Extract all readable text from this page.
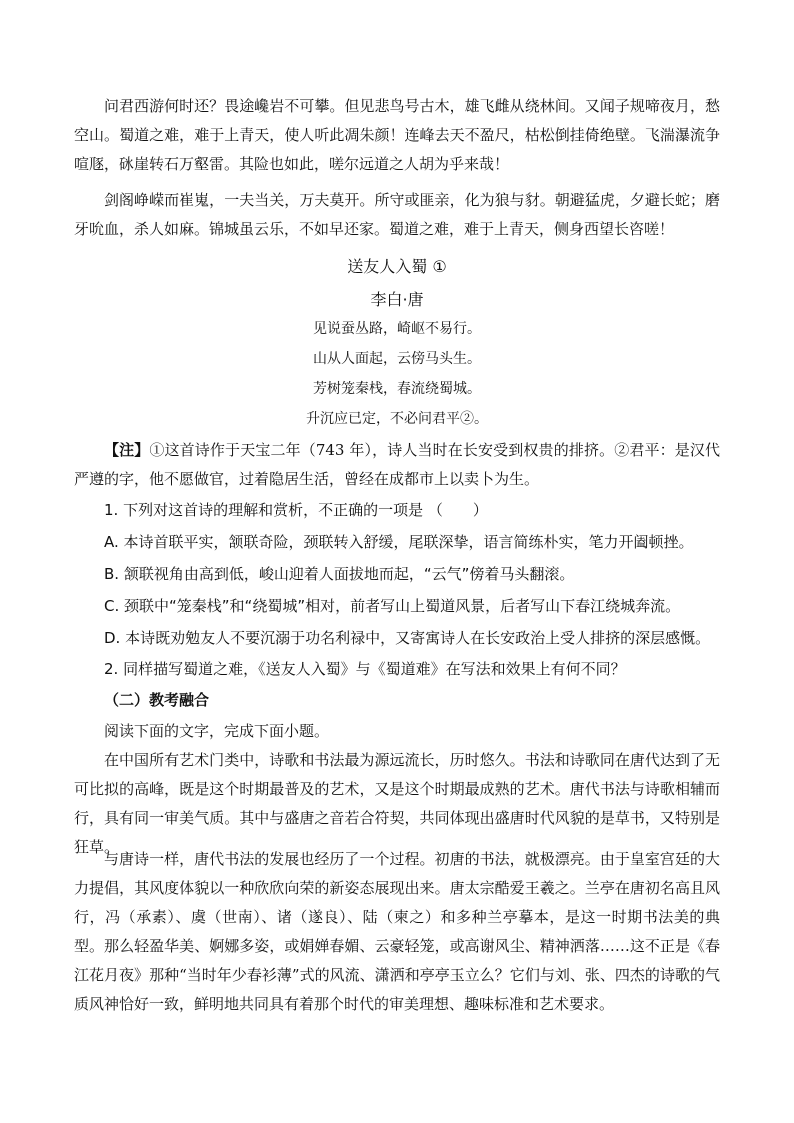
问君西游何时还？畏途巉岩不可攀。但见悲鸟号古木，雄飞雌从绕林间。又闻子规啼夜月，愁空山。蜀道之难，难于上青天，使人听此凋朱颜！连峰去天不盈尺，枯松倒挂倚绝壁。飞湍瀑流争喧豗，砯崖转石万壑雷。其险也如此，嗟尔远道之人胡为乎来哉！

剑阁峥嵘而崔嵬，一夫当关，万夫莫开。所守或匪亲，化为狼与豺。朝避猛虎，夕避长蛇；磨牙吮血，杀人如麻。锦城虽云乐，不如早还家。蜀道之难，难于上青天，侧身西望长咨嗟！

送友人入蜀 ①

李白·唐

见说蚕丛路，崎岖不易行。

山从人面起，云傍马头生。

芳树笼秦栈，春流绕蜀城。

升沉应已定，不必问君平②。

【注】①这首诗作于天宝二年（743 年），诗人当时在长安受到权贵的排挤。②君平：是汉代严遵的字，他不愿做官，过着隐居生活，曾经在成都市上以卖卜为生。

1. 下列对这首诗的理解和赏析，不正确的一项是 （　　）

A. 本诗首联平实，颔联奇险，颈联转入舒缓，尾联深挚，语言简练朴实，笔力开阖顿挫。

B. 颔联视角由高到低，峻山迎着人面拔地而起，“云气”傍着马头翻滚。

C. 颈联中“笼秦栈”和“绕蜀城”相对，前者写山上蜀道风景，后者写山下春江绕城奔流。

D. 本诗既劝勉友人不要沉溺于功名利禄中，又寄寓诗人在长安政治上受人排挤的深层感慨。

2. 同样描写蜀道之难，《送友人入蜀》与《蜀道难》在写法和效果上有何不同？

（二）教考融合

阅读下面的文字，完成下面小题。

在中国所有艺术门类中，诗歌和书法最为源远流长，历时悠久。书法和诗歌同在唐代达到了无可比拟的高峰，既是这个时期最普及的艺术，又是这个时期最成熟的艺术。唐代书法与诗歌相辅而行，具有同一审美气质。其中与盛唐之音若合符契，共同体现出盛唐时代风貌的是草书，又特别是狂草。

与唐诗一样，唐代书法的发展也经历了一个过程。初唐的书法，就极漂亮。由于皇室宫廷的大力提倡，其风度体貌以一种欣欣向荣的新姿态展现出来。唐太宗酷爱王羲之。兰亭在唐初名高且风行，冯（承素）、虞（世南）、诸（遂良）、陆（柬之）和多种兰亭摹本，是这一时期书法美的典型。那么轻盈华美、婀娜多姿，或娟婵春媚、云豪轻笼，或高谢风尘、精神洒落……这不正是《春江花月夜》那种“当时年少春衫薄”式的风流、潇洒和亭亭玉立么？它们与刘、张、四杰的诗歌的气质风神恰好一致，鲜明地共同具有着那个时代的审美理想、趣味标准和艺术要求。
